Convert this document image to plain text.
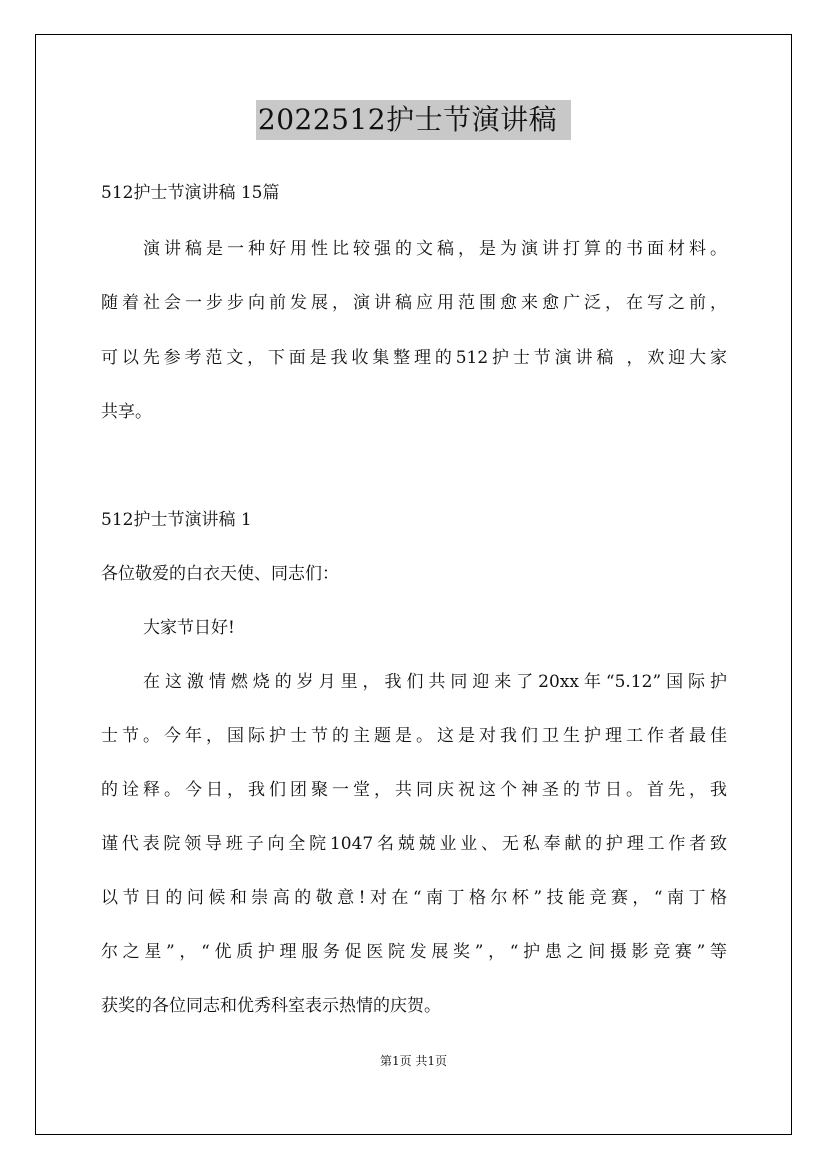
2022512护士节演讲稿
512护士节演讲稿 15篇
演讲稿是一种好用性比较强的文稿，是为演讲打算的书面材料。
随着社会一步步向前发展，演讲稿应用范围愈来愈广泛，在写之前，
可以先参考范文，下面是我收集整理的512护士节演讲稿 ，欢迎大家
共享。
512护士节演讲稿 1
各位敬爱的白衣天使、同志们：
大家节日好!
在这激情燃烧的岁月里，我们共同迎来了20xx年“5.12”国际护
士节。今年，国际护士节的主题是。这是对我们卫生护理工作者最佳
的诠释。今日，我们团聚一堂，共同庆祝这个神圣的节日。首先，我
谨代表院领导班子向全院1047名兢兢业业、无私奉献的护理工作者致
以节日的问候和崇高的敬意!对在“南丁格尔杯”技能竞赛，“南丁格
尔之星”，“优质护理服务促医院发展奖”，“护患之间摄影竞赛”等
获奖的各位同志和优秀科室表示热情的庆贺。
第1页 共1页
